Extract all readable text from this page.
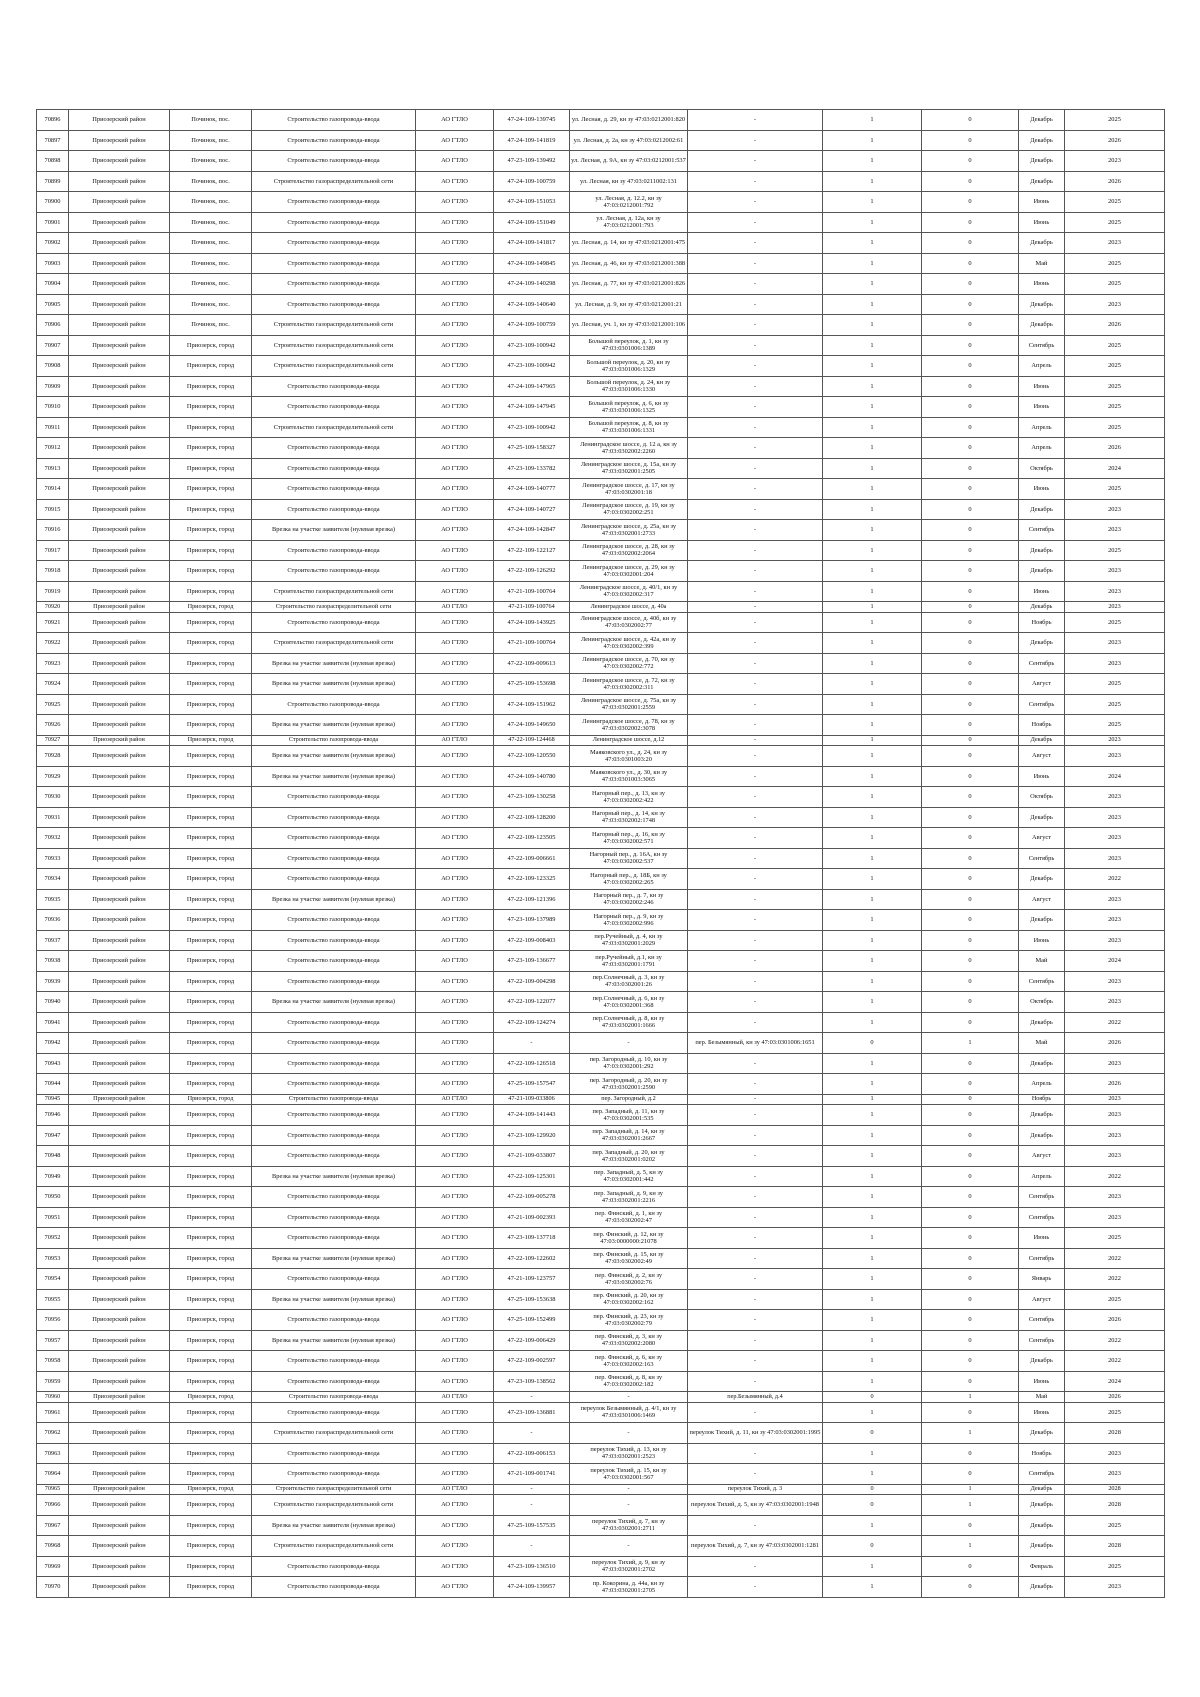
70896	Приозерский район	Починок, пос.	Строительство газопровода-ввода	АО ГТЛО	47-24-109-139745	ул. Лесная, д. 29, кн зу 47:03:0212001:820	-	1	0	Декабрь	2025
70897	Приозерский район	Починок, пос.	Строительство газопровода-ввода	АО ГТЛО	47-24-109-141819	ул. Лесная, д. 2а, кн зу 47:03:0212002:61	-	1	0	Декабрь	2026
70898	Приозерский район	Починок, пос.	Строительство газопровода-ввода	АО ГТЛО	47-23-109-139492	ул. Лесная, д. 9А, кн зу 47:03:0212001:537	-	1	0	Декабрь	2023
70899	Приозерский район	Починок, пос.	Строительство газораспределительной сети	АО ГТЛО	47-24-109-100759	ул. Лесная, кн зу 47:03:0211002:131	-	1	0	Декабрь	2026
70900	Приозерский район	Починок, пос.	Строительство газопровода-ввода	АО ГТЛО	47-24-109-151053	ул. Лесная, д. 12.2, кн зу 47:03:0212001:792	-	1	0	Июнь	2025
70901	Приозерский район	Починок, пос.	Строительство газопровода-ввода	АО ГТЛО	47-24-109-151049	ул. Лесная, д. 12а, кн зу 47:03:0212001:793	-	1	0	Июнь	2025
70902	Приозерский район	Починок, пос.	Строительство газопровода-ввода	АО ГТЛО	47-24-109-141817	ул. Лесная, д. 14, кн зу 47:03:0212001:475	-	1	0	Декабрь	2023
70903	Приозерский район	Починок, пос.	Строительство газопровода-ввода	АО ГТЛО	47-24-109-149845	ул. Лесная, д. 46, кн зу 47:03:0212001:388	-	1	0	Май	2025
70904	Приозерский район	Починок, пос.	Строительство газопровода-ввода	АО ГТЛО	47-24-109-140298	ул. Лесная, д. 77, кн зу 47:03:0212001:826	-	1	0	Июнь	2025
70905	Приозерский район	Починок, пос.	Строительство газопровода-ввода	АО ГТЛО	47-24-109-140640	ул. Лесная, д. 9, кн зу 47:03:0212001:21	-	1	0	Декабрь	2023
70906	Приозерский район	Починок, пос.	Строительство газораспределительной сети	АО ГТЛО	47-24-109-100759	ул. Лесная, уч. 1, кн зу 47:03:0212001:106	-	1	0	Декабрь	2026
70907	Приозерский район	Приозерск, город	Строительство газораспределительной сети	АО ГТЛО	47-23-109-100942	Большой переулок, д. 1, кн зу 47:03:0301006:1389	-	1	0	Сентябрь	2025
70908	Приозерский район	Приозерск, город	Строительство газораспределительной сети	АО ГТЛО	47-23-109-100942	Большой переулок, д. 20, кн зу 47:03:0301006:1329	-	1	0	Апрель	2025
70909	Приозерский район	Приозерск, город	Строительство газопровода-ввода	АО ГТЛО	47-24-109-147965	Большой переулок, д. 24, кн зу 47:03:0301006:1330	-	1	0	Июнь	2025
70910	Приозерский район	Приозерск, город	Строительство газопровода-ввода	АО ГТЛО	47-24-109-147945	Большой переулок, д. 6, кн зу 47:03:0301006:1325	-	1	0	Июнь	2025
70911	Приозерский район	Приозерск, город	Строительство газораспределительной сети	АО ГТЛО	47-23-109-100942	Большой переулок, д. 8, кн зу 47:03:0301006:1331	-	1	0	Апрель	2025
70912	Приозерский район	Приозерск, город	Строительство газопровода-ввода	АО ГТЛО	47-25-109-158327	Ленинградское шоссе, д. 12 а, кн зу 47:03:0302002:2260	-	1	0	Апрель	2026
70913	Приозерский район	Приозерск, город	Строительство газопровода-ввода	АО ГТЛО	47-23-109-133782	Ленинградское шоссе, д. 15а, кн зу 47:03:0302001:2505	-	1	0	Октябрь	2024
70914	Приозерский район	Приозерск, город	Строительство газопровода-ввода	АО ГТЛО	47-24-109-140777	Ленинградское шоссе, д. 17, кн зу 47:03:0302001:18	-	1	0	Июнь	2025
70915	Приозерский район	Приозерск, город	Строительство газопровода-ввода	АО ГТЛО	47-24-109-140727	Ленинградское шоссе, д. 19, кн зу 47:03:0302002:251	-	1	0	Декабрь	2023
70916	Приозерский район	Приозерск, город	Врезка на участке заявителя (нулевая врезка)	АО ГТЛО	47-24-109-142847	Ленинградское шоссе, д. 25а, кн зу 47:03:0302001:2733	-	1	0	Сентябрь	2023
70917	Приозерский район	Приозерск, город	Строительство газопровода-ввода	АО ГТЛО	47-22-109-122127	Ленинградское шоссе, д. 28, кн зу 47:03:0302002:2064	-	1	0	Декабрь	2025
70918	Приозерский район	Приозерск, город	Строительство газопровода-ввода	АО ГТЛО	47-22-109-126292	Ленинградское шоссе, д. 29, кн зу 47:03:0302001:204	-	1	0	Декабрь	2023
70919	Приозерский район	Приозерск, город	Строительство газораспределительной сети	АО ГТЛО	47-21-109-100764	Ленинградское шоссе, д. 40/1, кн зу 47:03:0302002:317	-	1	0	Июнь	2023
70920	Приозерский район	Приозерск, город	Строительство газораспределительной сети	АО ГТЛО	47-21-109-100764	Ленинградское шоссе, д. 40а	-	1	0	Декабрь	2023
70921	Приозерский район	Приозерск, город	Строительство газопровода-ввода	АО ГТЛО	47-24-109-143925	Ленинградское шоссе, д. 40б, кн зу 47:03:0302002:77	-	1	0	Ноябрь	2025
70922	Приозерский район	Приозерск, город	Строительство газораспределительной сети	АО ГТЛО	47-21-109-100764	Ленинградское шоссе, д. 42а, кн зу 47:03:0302002:399	-	1	0	Декабрь	2023
70923	Приозерский район	Приозерск, город	Врезка на участке заявителя (нулевая врезка)	АО ГТЛО	47-22-109-009613	Ленинградское шоссе, д. 70, кн зу 47:03:0302002:772	-	1	0	Сентябрь	2023
70924	Приозерский район	Приозерск, город	Врезка на участке заявителя (нулевая врезка)	АО ГТЛО	47-25-109-153698	Ленинградское шоссе, д. 72, кн зу 47:03:0302002:311	-	1	0	Август	2025
70925	Приозерский район	Приозерск, город	Строительство газопровода-ввода	АО ГТЛО	47-24-109-151962	Ленинградское шоссе, д. 75а, кн зу 47:03:0302001:2559	-	1	0	Сентябрь	2025
70926	Приозерский район	Приозерск, город	Врезка на участке заявителя (нулевая врезка)	АО ГТЛО	47-24-109-149650	Ленинградское шоссе, д. 78, кн зу 47:03:0302002:3078	-	1	0	Ноябрь	2025
70927	Приозерский район	Приозерск, город	Строительство газопровода-ввода	АО ГТЛО	47-22-109-124468	Ленинградское шоссе, д.12	-	1	0	Декабрь	2023
70928	Приозерский район	Приозерск, город	Врезка на участке заявителя (нулевая врезка)	АО ГТЛО	47-22-109-120550	Маяковского ул., д. 24, кн зу 47:03:0301003:20	-	1	0	Август	2023
70929	Приозерский район	Приозерск, город	Врезка на участке заявителя (нулевая врезка)	АО ГТЛО	47-24-109-140780	Маяковского ул., д. 30, кн зу 47:03:0301003:3065	-	1	0	Июнь	2024
70930	Приозерский район	Приозерск, город	Строительство газопровода-ввода	АО ГТЛО	47-23-109-130258	Нагорный пер., д. 13, кн зу 47:03:0302002:422	-	1	0	Октябрь	2023
70931	Приозерский район	Приозерск, город	Строительство газопровода-ввода	АО ГТЛО	47-22-109-128200	Нагорный пер., д. 14, кн зу 47:03:0302002:1748	-	1	0	Декабрь	2023
70932	Приозерский район	Приозерск, город	Строительство газопровода-ввода	АО ГТЛО	47-22-109-123505	Нагорный пер., д. 16, кн зу 47:03:0302002:571	-	1	0	Август	2023
70933	Приозерский район	Приозерск, город	Строительство газопровода-ввода	АО ГТЛО	47-22-109-006661	Нагорный пер., д. 16А, кн зу 47:03:0302002:537	-	1	0	Сентябрь	2023
70934	Приозерский район	Приозерск, город	Строительство газопровода-ввода	АО ГТЛО	47-22-109-123325	Нагорный пер., д. 18Б, кн зу 47:03:0302002:265	-	1	0	Декабрь	2022
70935	Приозерский район	Приозерск, город	Врезка на участке заявителя (нулевая врезка)	АО ГТЛО	47-22-109-121396	Нагорный пер., д. 7, кн зу 47:03:0302002:246	-	1	0	Август	2023
70936	Приозерский район	Приозерск, город	Строительство газопровода-ввода	АО ГТЛО	47-23-109-137989	Нагорный пер., д. 9, кн зу 47:03:0302002:996	-	1	0	Декабрь	2023
70937	Приозерский район	Приозерск, город	Строительство газопровода-ввода	АО ГТЛО	47-22-109-008403	пер.Ручейный, д. 4, кн зу 47:03:0302001:2029	-	1	0	Июнь	2023
70938	Приозерский район	Приозерск, город	Строительство газопровода-ввода	АО ГТЛО	47-23-109-136677	пер.Ручейный, д.1, кн зу 47:03:0302001:1791	-	1	0	Май	2024
70939	Приозерский район	Приозерск, город	Строительство газопровода-ввода	АО ГТЛО	47-22-109-004298	пер.Солнечный, д. 3, кн зу 47:03:0302001:26	-	1	0	Сентябрь	2023
70940	Приозерский район	Приозерск, город	Врезка на участке заявителя (нулевая врезка)	АО ГТЛО	47-22-109-122077	пер.Солнечный, д. 6, кн зу 47:03:0302001:368	-	1	0	Октябрь	2023
70941	Приозерский район	Приозерск, город	Строительство газопровода-ввода	АО ГТЛО	47-22-109-124274	пер.Солнечный, д. 8, кн зу 47:03:0302001:1666	-	1	0	Декабрь	2022
70942	Приозерский район	Приозерск, город	Строительство газопровода-ввода	АО ГТЛО	-	-	пер. Безымянный, кн зу 47:03:0301006:1651	0	1	Май	2026
70943	Приозерский район	Приозерск, город	Строительство газопровода-ввода	АО ГТЛО	47-22-109-126518	пер. Загородный, д. 10, кн зу 47:03:0302001:292	-	1	0	Декабрь	2023
70944	Приозерский район	Приозерск, город	Строительство газопровода-ввода	АО ГТЛО	47-25-109-157547	пер. Загородный, д. 20, кн зу 47:03:0302001:2590	-	1	0	Апрель	2026
70945	Приозерский район	Приозерск, город	Строительство газопровода-ввода	АО ГТЛО	47-21-109-033806	пер. Загородный, д.2	-	1	0	Ноябрь	2023
70946	Приозерский район	Приозерск, город	Строительство газопровода-ввода	АО ГТЛО	47-24-109-141443	пер. Западный, д. 11, кн зу 47:03:0302001:535	-	1	0	Декабрь	2023
70947	Приозерский район	Приозерск, город	Строительство газопровода-ввода	АО ГТЛО	47-23-109-129920	пер. Западный, д. 14, кн зу 47:03:0302001:2667	-	1	0	Декабрь	2023
70948	Приозерский район	Приозерск, город	Строительство газопровода-ввода	АО ГТЛО	47-21-109-033807	пер. Западный, д. 20, кн зу 47:03:0302001:0202	-	1	0	Август	2023
70949	Приозерский район	Приозерск, город	Врезка на участке заявителя (нулевая врезка)	АО ГТЛО	47-22-109-125301	пер. Западный, д. 5, кн зу 47:03:0302001:442	-	1	0	Апрель	2022
70950	Приозерский район	Приозерск, город	Строительство газопровода-ввода	АО ГТЛО	47-22-109-005278	пер. Западный, д. 9, кн зу 47:03:0302001:2216	-	1	0	Сентябрь	2023
70951	Приозерский район	Приозерск, город	Строительство газопровода-ввода	АО ГТЛО	47-21-109-002393	пер. Финский, д. 1, кн зу 47:03:0302002:47	-	1	0	Сентябрь	2023
70952	Приозерский район	Приозерск, город	Строительство газопровода-ввода	АО ГТЛО	47-23-109-137718	пер. Финский, д. 12, кн зу 47:03:0000000:21078	-	1	0	Июнь	2025
70953	Приозерский район	Приозерск, город	Врезка на участке заявителя (нулевая врезка)	АО ГТЛО	47-22-109-122602	пер. Финский, д. 15, кн зу 47:03:0302002:49	-	1	0	Сентябрь	2022
70954	Приозерский район	Приозерск, город	Строительство газопровода-ввода	АО ГТЛО	47-21-109-123757	пер. Финский, д. 2, кн зу 47:03:0302002:76	-	1	0	Январь	2022
70955	Приозерский район	Приозерск, город	Врезка на участке заявителя (нулевая врезка)	АО ГТЛО	47-25-109-153638	пер. Финский, д. 20, кн зу 47:03:0302002:162	-	1	0	Август	2025
70956	Приозерский район	Приозерск, город	Строительство газопровода-ввода	АО ГТЛО	47-25-109-152499	пер. Финский, д. 23, кн зу 47:03:0302002:79	-	1	0	Сентябрь	2026
70957	Приозерский район	Приозерск, город	Врезка на участке заявителя (нулевая врезка)	АО ГТЛО	47-22-109-006429	пер. Финский, д. 3, кн зу 47:03:0302002:2080	-	1	0	Сентябрь	2022
70958	Приозерский район	Приозерск, город	Строительство газопровода-ввода	АО ГТЛО	47-22-109-002597	пер. Финский, д. 6, кн зу 47:03:0302002:163	-	1	0	Декабрь	2022
70959	Приозерский район	Приозерск, город	Строительство газопровода-ввода	АО ГТЛО	47-23-109-138562	пер. Финский, д. 8, кн зу 47:03:0302002:182	-	1	0	Июнь	2024
70960	Приозерский район	Приозерск, город	Строительство газопровода-ввода	АО ГТЛО	-	-	пер.Безымянный, д.4	0	1	Май	2026
70961	Приозерский район	Приозерск, город	Строительство газопровода-ввода	АО ГТЛО	47-23-109-136881	переулок Безымянный, д. 4/1, кн зу 47:03:0301006:1469	-	1	0	Июнь	2025
70962	Приозерский район	Приозерск, город	Строительство газораспределительной сети	АО ГТЛО	-	-	переулок Тихий, д. 11, кн зу 47:03:0302001:1995	0	1	Декабрь	2028
70963	Приозерский район	Приозерск, город	Строительство газопровода-ввода	АО ГТЛО	47-22-109-006153	переулок Тихий, д. 13, кн зу 47:03:0302001:2523	-	1	0	Ноябрь	2023
70964	Приозерский район	Приозерск, город	Строительство газопровода-ввода	АО ГТЛО	47-21-109-001741	переулок Тихий, д. 15, кн зу 47:03:0302001:567	-	1	0	Сентябрь	2023
70965	Приозерский район	Приозерск, город	Строительство газораспределительной сети	АО ГТЛО	-	-	переулок Тихий, д. 3	0	1	Декабрь	2028
70966	Приозерский район	Приозерск, город	Строительство газораспределительной сети	АО ГТЛО	-	-	переулок Тихий, д. 5, кн зу 47:03:0302001:1948	0	1	Декабрь	2028
70967	Приозерский район	Приозерск, город	Врезка на участке заявителя (нулевая врезка)	АО ГТЛО	47-25-109-157535	переулок Тихий, д. 7, кн зу 47:03:0302001:2711	-	1	0	Декабрь	2025
70968	Приозерский район	Приозерск, город	Строительство газораспределительной сети	АО ГТЛО	-	-	переулок Тихий, д. 7, кн зу 47:03:0302001:1281	0	1	Декабрь	2028
70969	Приозерский район	Приозерск, город	Строительство газопровода-ввода	АО ГТЛО	47-23-109-136510	переулок Тихий, д. 9, кн зу 47:03:0302001:2702	-	1	0	Февраль	2025
70970	Приозерский район	Приозерск, город	Строительство газопровода-ввода	АО ГТЛО	47-24-109-139957	пр. Кокорина, д. 44а, кн зу 47:03:0302001:2705	-	1	0	Декабрь	2023
